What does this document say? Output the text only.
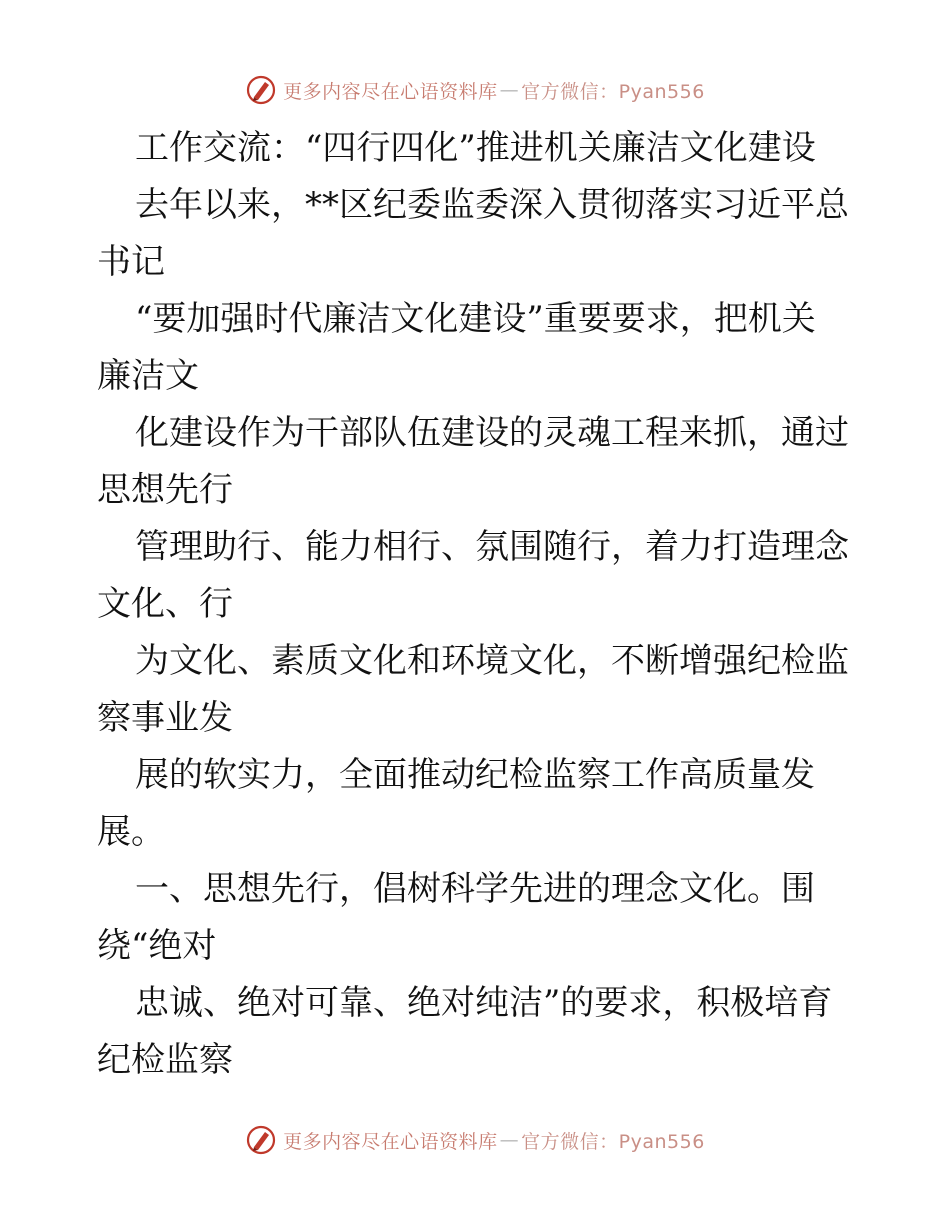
更多内容尽在心语资料库 — 官方微信：Pyan556
工作交流：“四行四化”推进机关廉洁文化建设
去年以来，**区纪委监委深入贯彻落实习近平总
书记
“要加强时代廉洁文化建设”重要要求，把机关
廉洁文
化建设作为干部队伍建设的灵魂工程来抓，通过
思想先行
管理助行、能力相行、氛围随行，着力打造理念
文化、行
为文化、素质文化和环境文化，不断增强纪检监
察事业发
展的软实力，全面推动纪检监察工作高质量发
展。
一、思想先行，倡树科学先进的理念文化。围
绕“绝对
忠诚、绝对可靠、绝对纯洁”的要求，积极培育
纪检监察
更多内容尽在心语资料库 — 官方微信：Pyan556
